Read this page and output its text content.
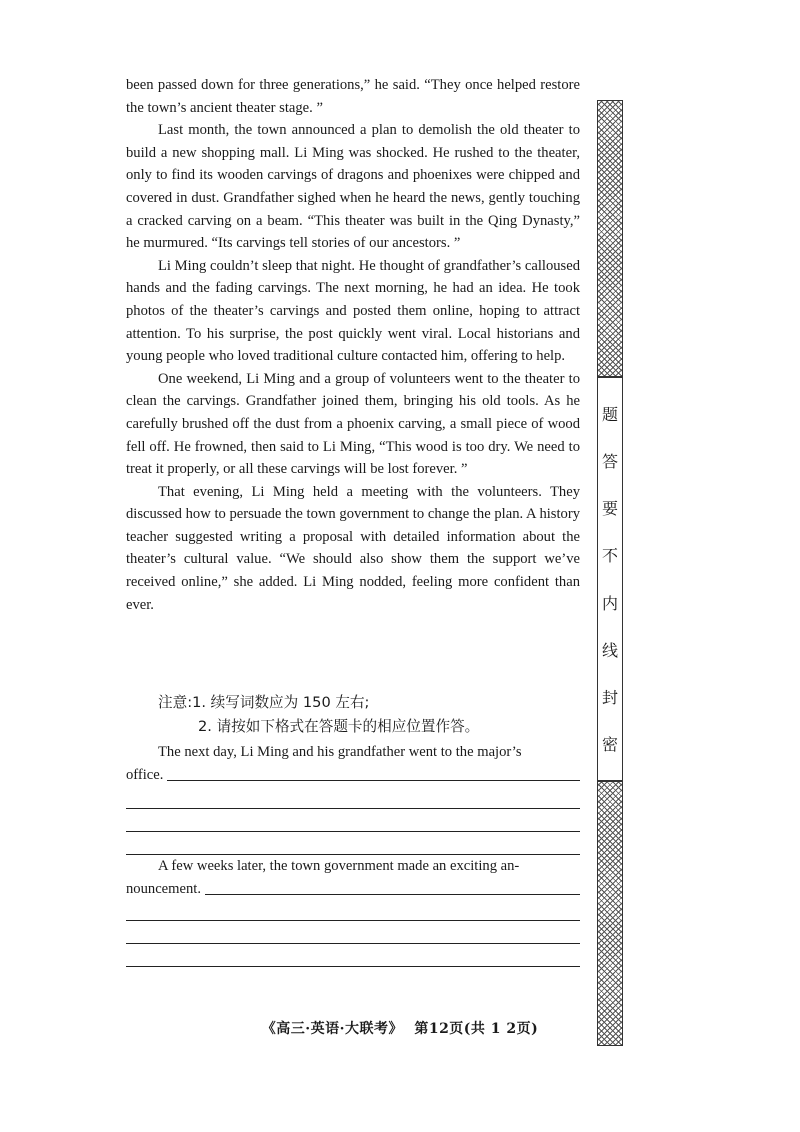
been passed down for three generations,” he said. “They once helped restore the town’s ancient theater stage. ”

Last month, the town announced a plan to demolish the old theater to build a new shopping mall. Li Ming was shocked. He rushed to the theater, only to find its wooden carvings of dragons and phoenixes were chipped and covered in dust. Grandfather sighed when he heard the news, gently touching a cracked carving on a beam. “This theater was built in the Qing Dynasty,” he murmured. “Its carvings tell stories of our ancestors. ”

Li Ming couldn’t sleep that night. He thought of grandfather’s calloused hands and the fading carvings. The next morning, he had an idea. He took photos of the theater’s carvings and posted them online, hoping to attract attention. To his surprise, the post quickly went viral. Local historians and young people who loved traditional culture contacted him, offering to help.

One weekend, Li Ming and a group of volunteers went to the theater to clean the carvings. Grandfather joined them, bringing his old tools. As he carefully brushed off the dust from a phoenix carving, a small piece of wood fell off. He frowned, then said to Li Ming, “This wood is too dry. We need to treat it properly, or all these carvings will be lost forever. ”

That evening, Li Ming held a meeting with the volunteers. They discussed how to persuade the town government to change the plan. A history teacher suggested writing a proposal with detailed information about the theater’s cultural value. “We should also show them the support we’ve received online,” she added. Li Ming nodded, feeling more confident than ever.

注意:1. 续写词数应为 150 左右;
2. 请按如下格式在答题卡的相应位置作答。
The next day, Li Ming and his grandfather went to the major’s
office.
A few weeks later, the town government made an exciting an-
nouncement.
《高三·英语·大联考》 第12页(共 1 2页)
题
答
要
不
内
线
封
密
